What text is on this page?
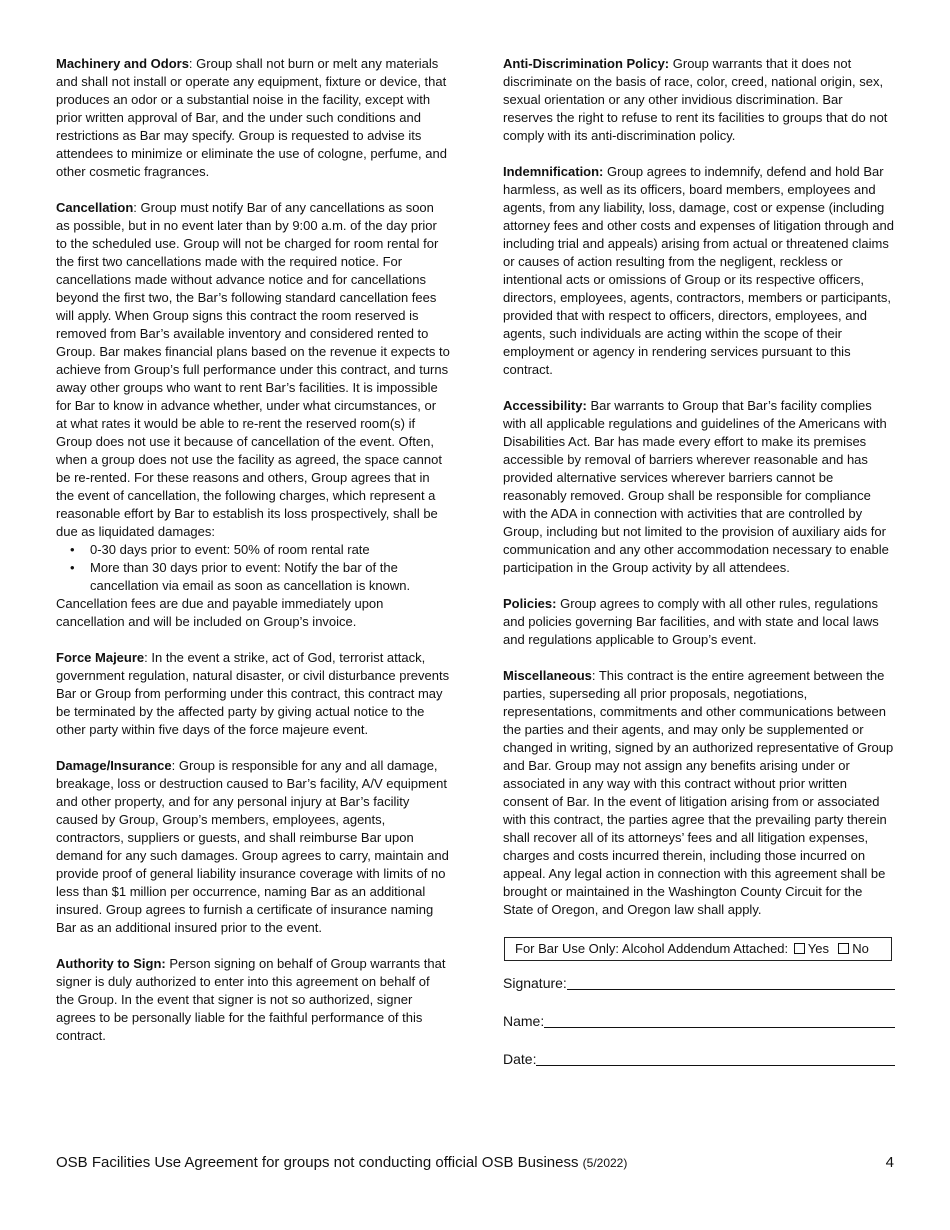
Machinery and Odors: Group shall not burn or melt any materials and shall not install or operate any equipment, fixture or device, that produces an odor or a substantial noise in the facility, except with prior written approval of Bar, and the under such conditions and restrictions as Bar may specify. Group is requested to advise its attendees to minimize or eliminate the use of cologne, perfume, and other cosmetic fragrances.

Cancellation: Group must notify Bar of any cancellations as soon as possible, but in no event later than by 9:00 a.m. of the day prior to the scheduled use. Group will not be charged for room rental for the first two cancellations made with the required notice. For cancellations made without advance notice and for cancellations beyond the first two, the Bar’s following standard cancellation fees will apply. When Group signs this contract the room reserved is removed from Bar’s available inventory and considered rented to Group. Bar makes financial plans based on the revenue it expects to achieve from Group’s full performance under this contract, and turns away other groups who want to rent Bar’s facilities. It is impossible for Bar to know in advance whether, under what circumstances, or at what rates it would be able to re-rent the reserved room(s) if Group does not use it because of cancellation of the event. Often, when a group does not use the facility as agreed, the space cannot be re-rented. For these reasons and others, Group agrees that in the event of cancellation, the following charges, which represent a reasonable effort by Bar to establish its loss prospectively, shall be due as liquidated damages:

• 0-30 days prior to event: 50% of room rental rate
• More than 30 days prior to event: Notify the bar of the cancellation via email as soon as cancellation is known.

Cancellation fees are due and payable immediately upon cancellation and will be included on Group’s invoice.

Force Majeure: In the event a strike, act of God, terrorist attack, government regulation, natural disaster, or civil disturbance prevents Bar or Group from performing under this contract, this contract may be terminated by the affected party by giving actual notice to the other party within five days of the force majeure event.

Damage/Insurance: Group is responsible for any and all damage, breakage, loss or destruction caused to Bar’s facility, A/V equipment and other property, and for any personal injury at Bar’s facility caused by Group, Group’s members, employees, agents, contractors, suppliers or guests, and shall reimburse Bar upon demand for any such damages. Group agrees to carry, maintain and provide proof of general liability insurance coverage with limits of no less than $1 million per occurrence, naming Bar as an additional insured. Group agrees to furnish a certificate of insurance naming Bar as an additional insured prior to the event.

Authority to Sign: Person signing on behalf of Group warrants that signer is duly authorized to enter into this agreement on behalf of the Group. In the event that signer is not so authorized, signer agrees to be personally liable for the faithful performance of this contract.

Anti-Discrimination Policy: Group warrants that it does not discriminate on the basis of race, color, creed, national origin, sex, sexual orientation or any other invidious discrimination. Bar reserves the right to refuse to rent its facilities to groups that do not comply with its anti-discrimination policy.

Indemnification: Group agrees to indemnify, defend and hold Bar harmless, as well as its officers, board members, employees and agents, from any liability, loss, damage, cost or expense (including attorney fees and other costs and expenses of litigation through and including trial and appeals) arising from actual or threatened claims or causes of action resulting from the negligent, reckless or intentional acts or omissions of Group or its respective officers, directors, employees, agents, contractors, members or participants, provided that with respect to officers, directors, employees, and agents, such individuals are acting within the scope of their employment or agency in rendering services pursuant to this contract.

Accessibility: Bar warrants to Group that Bar’s facility complies with all applicable regulations and guidelines of the Americans with Disabilities Act. Bar has made every effort to make its premises accessible by removal of barriers wherever reasonable and has provided alternative services wherever barriers cannot be reasonably removed. Group shall be responsible for compliance with the ADA in connection with activities that are controlled by Group, including but not limited to the provision of auxiliary aids for communication and any other accommodation necessary to enable participation in the Group activity by all attendees.

Policies: Group agrees to comply with all other rules, regulations and policies governing Bar facilities, and with state and local laws and regulations applicable to Group’s event.

Miscellaneous: This contract is the entire agreement between the parties, superseding all prior proposals, negotiations, representations, commitments and other communications between the parties and their agents, and may only be supplemented or changed in writing, signed by an authorized representative of Group and Bar. Group may not assign any benefits arising under or associated in any way with this contract without prior written consent of Bar. In the event of litigation arising from or associated with this contract, the parties agree that the prevailing party therein shall recover all of its attorneys’ fees and all litigation expenses, charges and costs incurred therein, including those incurred on appeal. Any legal action in connection with this agreement shall be brought or maintained in the Washington County Circuit for the State of Oregon, and Oregon law shall apply.

For Bar Use Only: Alcohol Addendum Attached: Yes No
Signature:
Name:
Date:
OSB Facilities Use Agreement for groups not conducting official OSB Business (5/2022)	4
